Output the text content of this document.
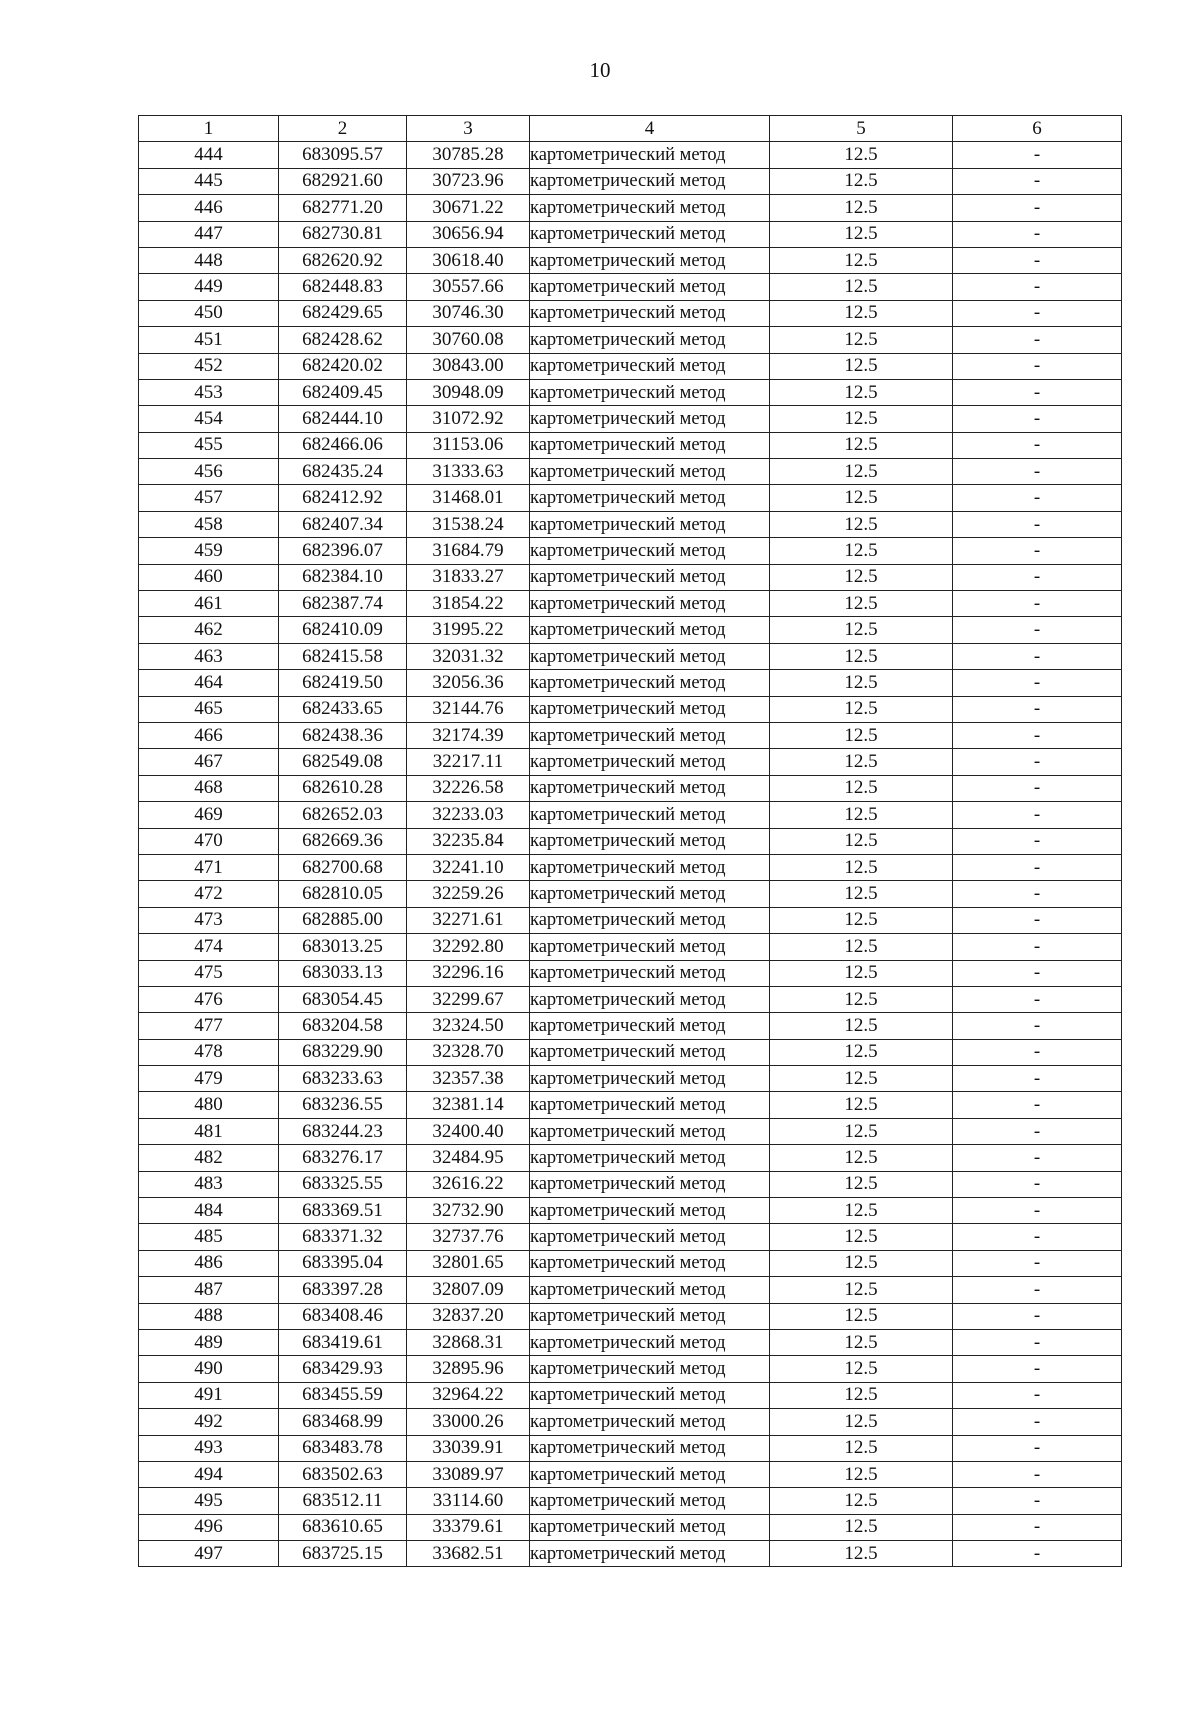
10
1	2	3	4	5	6
444	683095.57	30785.28	картометрический метод	12.5	-
445	682921.60	30723.96	картометрический метод	12.5	-
446	682771.20	30671.22	картометрический метод	12.5	-
447	682730.81	30656.94	картометрический метод	12.5	-
448	682620.92	30618.40	картометрический метод	12.5	-
449	682448.83	30557.66	картометрический метод	12.5	-
450	682429.65	30746.30	картометрический метод	12.5	-
451	682428.62	30760.08	картометрический метод	12.5	-
452	682420.02	30843.00	картометрический метод	12.5	-
453	682409.45	30948.09	картометрический метод	12.5	-
454	682444.10	31072.92	картометрический метод	12.5	-
455	682466.06	31153.06	картометрический метод	12.5	-
456	682435.24	31333.63	картометрический метод	12.5	-
457	682412.92	31468.01	картометрический метод	12.5	-
458	682407.34	31538.24	картометрический метод	12.5	-
459	682396.07	31684.79	картометрический метод	12.5	-
460	682384.10	31833.27	картометрический метод	12.5	-
461	682387.74	31854.22	картометрический метод	12.5	-
462	682410.09	31995.22	картометрический метод	12.5	-
463	682415.58	32031.32	картометрический метод	12.5	-
464	682419.50	32056.36	картометрический метод	12.5	-
465	682433.65	32144.76	картометрический метод	12.5	-
466	682438.36	32174.39	картометрический метод	12.5	-
467	682549.08	32217.11	картометрический метод	12.5	-
468	682610.28	32226.58	картометрический метод	12.5	-
469	682652.03	32233.03	картометрический метод	12.5	-
470	682669.36	32235.84	картометрический метод	12.5	-
471	682700.68	32241.10	картометрический метод	12.5	-
472	682810.05	32259.26	картометрический метод	12.5	-
473	682885.00	32271.61	картометрический метод	12.5	-
474	683013.25	32292.80	картометрический метод	12.5	-
475	683033.13	32296.16	картометрический метод	12.5	-
476	683054.45	32299.67	картометрический метод	12.5	-
477	683204.58	32324.50	картометрический метод	12.5	-
478	683229.90	32328.70	картометрический метод	12.5	-
479	683233.63	32357.38	картометрический метод	12.5	-
480	683236.55	32381.14	картометрический метод	12.5	-
481	683244.23	32400.40	картометрический метод	12.5	-
482	683276.17	32484.95	картометрический метод	12.5	-
483	683325.55	32616.22	картометрический метод	12.5	-
484	683369.51	32732.90	картометрический метод	12.5	-
485	683371.32	32737.76	картометрический метод	12.5	-
486	683395.04	32801.65	картометрический метод	12.5	-
487	683397.28	32807.09	картометрический метод	12.5	-
488	683408.46	32837.20	картометрический метод	12.5	-
489	683419.61	32868.31	картометрический метод	12.5	-
490	683429.93	32895.96	картометрический метод	12.5	-
491	683455.59	32964.22	картометрический метод	12.5	-
492	683468.99	33000.26	картометрический метод	12.5	-
493	683483.78	33039.91	картометрический метод	12.5	-
494	683502.63	33089.97	картометрический метод	12.5	-
495	683512.11	33114.60	картометрический метод	12.5	-
496	683610.65	33379.61	картометрический метод	12.5	-
497	683725.15	33682.51	картометрический метод	12.5	-
